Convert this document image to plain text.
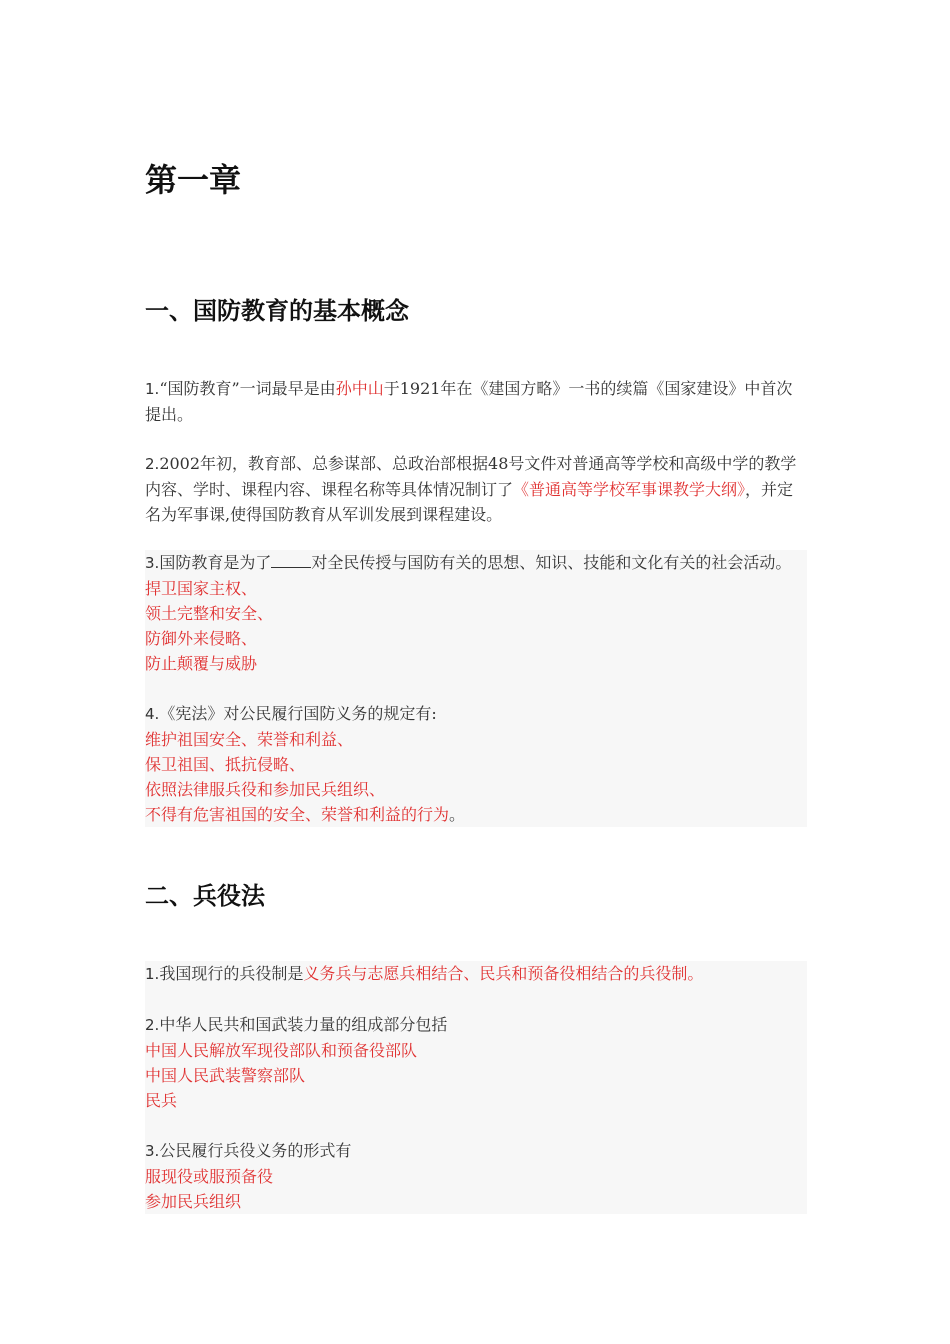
第一章
一、国防教育的基本概念

1.“国防教育”一词最早是由孙中山于1921年在《建国方略》一书的续篇《国家建设》中首次提出。

2.2002年初，教育部、总参谋部、总政治部根据48号文件对普通高等学校和高级中学的教学内容、学时、课程内容、课程名称等具体情况制订了《普通高等学校军事课教学大纲》，并定名为军事课,使得国防教育从军训发展到课程建设。

3.国防教育是为了	对全民传授与国防有关的思想、知识、技能和文化有关的社会活动。

捍卫国家主权、
领土完整和安全、
防御外来侵略、
防止颠覆与威胁

4.《宪法》对公民履行国防义务的规定有:

维护祖国安全、荣誉和利益、
保卫祖国、抵抗侵略、
依照法律服兵役和参加民兵组织、
不得有危害祖国的安全、荣誉和利益的行为。
二、兵役法

1.我国现行的兵役制是义务兵与志愿兵相结合、民兵和预备役相结合的兵役制。

2.中华人民共和国武装力量的组成部分包括

中国人民解放军现役部队和预备役部队
中国人民武装警察部队
民兵

3.公民履行兵役义务的形式有

服现役或服预备役
参加民兵组织
